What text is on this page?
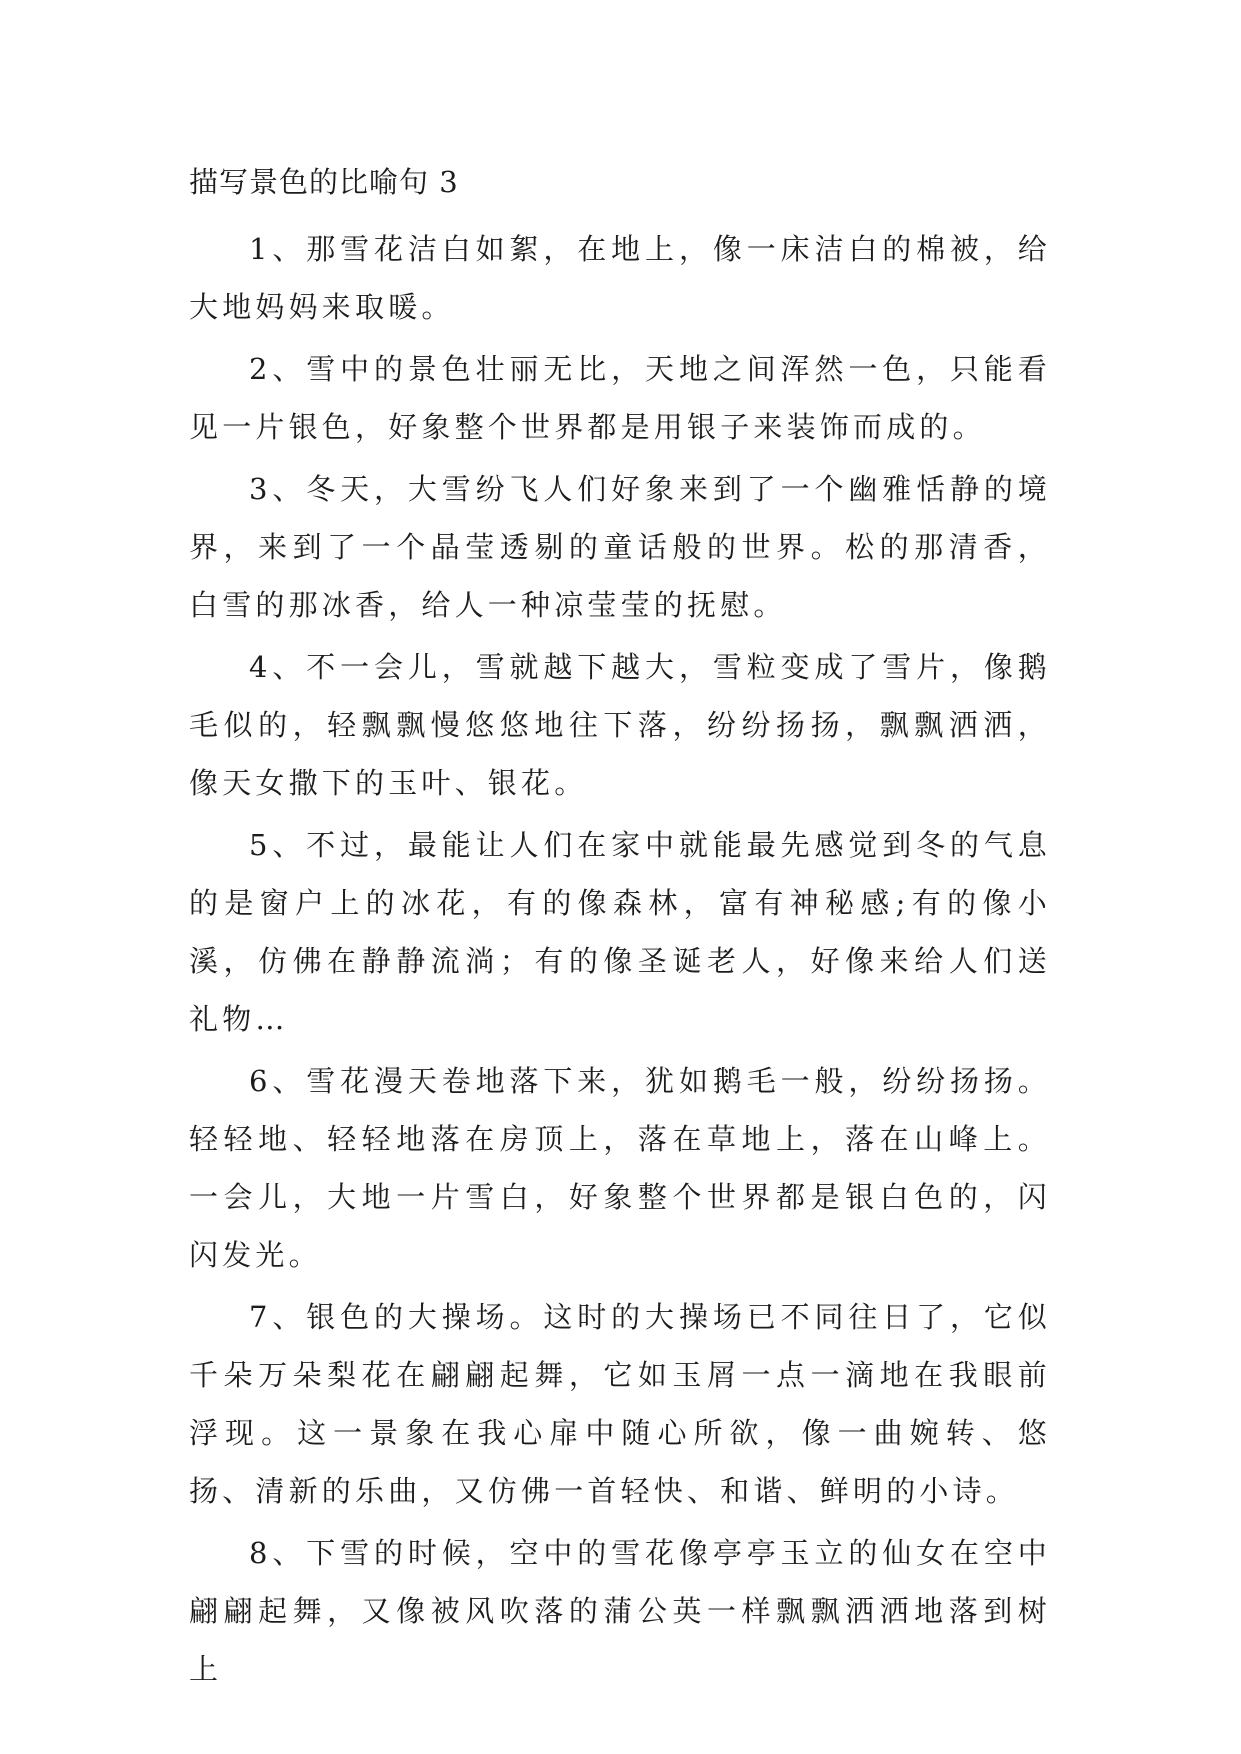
描写景色的比喻句 3

1、那雪花洁白如絮，在地上，像一床洁白的棉被，给大地妈妈来取暖。

2、雪中的景色壮丽无比，天地之间浑然一色，只能看见一片银色，好象整个世界都是用银子来装饰而成的。

3、冬天，大雪纷飞人们好象来到了一个幽雅恬静的境界，来到了一个晶莹透剔的童话般的世界。松的那清香，白雪的那冰香，给人一种凉莹莹的抚慰。

4、不一会儿，雪就越下越大，雪粒变成了雪片，像鹅毛似的，轻飘飘慢悠悠地往下落，纷纷扬扬，飘飘洒洒，像天女撒下的玉叶、银花。

5、不过，最能让人们在家中就能最先感觉到冬的气息的是窗户上的冰花，有的像森林，富有神秘感;有的像小溪，仿佛在静静流淌；有的像圣诞老人，好像来给人们送礼物…

6、雪花漫天卷地落下来，犹如鹅毛一般，纷纷扬扬。轻轻地、轻轻地落在房顶上，落在草地上，落在山峰上。一会儿，大地一片雪白，好象整个世界都是银白色的，闪闪发光。

7、银色的大操场。这时的大操场已不同往日了，它似千朵万朵梨花在翩翩起舞，它如玉屑一点一滴地在我眼前浮现。这一景象在我心扉中随心所欲，像一曲婉转、悠扬、清新的乐曲，又仿佛一首轻快、和谐、鲜明的小诗。

8、下雪的时候，空中的雪花像亭亭玉立的仙女在空中翩翩起舞，又像被风吹落的蒲公英一样飘飘洒洒地落到树上
